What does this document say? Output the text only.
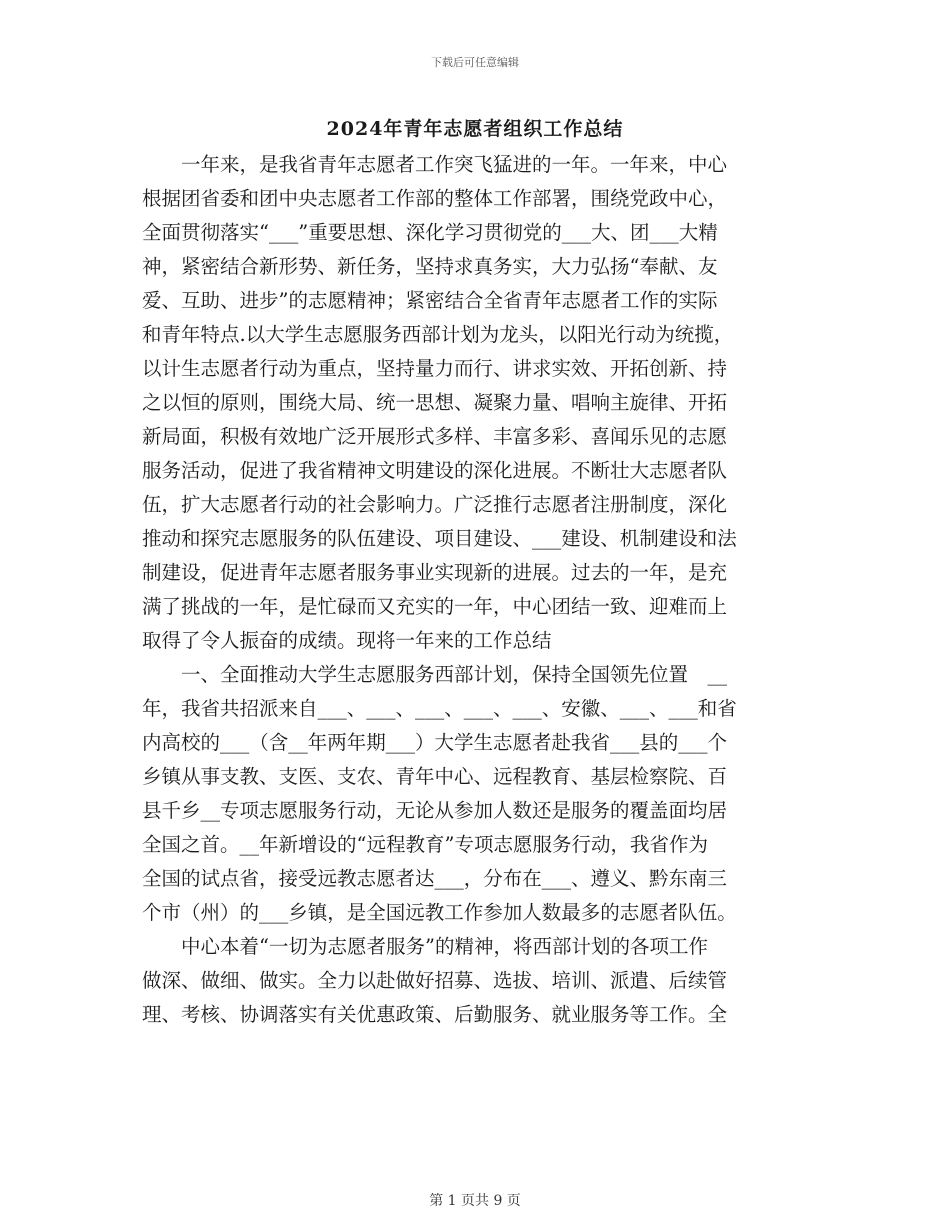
下载后可任意编辑
2024年青年志愿者组织工作总结
　　一年来，是我省青年志愿者工作突飞猛进的一年。一年来，中心
根据团省委和团中央志愿者工作部的整体工作部署，围绕党政中心，
全面贯彻落实“___”重要思想、深化学习贯彻党的___大、团___大精
神，紧密结合新形势、新任务，坚持求真务实，大力弘扬“奉献、友
爱、互助、进步”的志愿精神；紧密结合全省青年志愿者工作的实际
和青年特点.以大学生志愿服务西部计划为龙头，以阳光行动为统揽，
以计生志愿者行动为重点，坚持量力而行、讲求实效、开拓创新、持
之以恒的原则，围绕大局、统一思想、凝聚力量、唱响主旋律、开拓
新局面，积极有效地广泛开展形式多样、丰富多彩、喜闻乐见的志愿
服务活动，促进了我省精神文明建设的深化进展。不断壮大志愿者队
伍，扩大志愿者行动的社会影响力。广泛推行志愿者注册制度，深化
推动和探究志愿服务的队伍建设、项目建设、___建设、机制建设和法
制建设，促进青年志愿者服务事业实现新的进展。过去的一年，是充
满了挑战的一年，是忙碌而又充实的一年，中心团结一致、迎难而上
取得了令人振奋的成绩。现将一年来的工作总结
　　一、全面推动大学生志愿服务西部计划，保持全国领先位置　__
年，我省共招派来自___、___、___、___、___、安徽、___、___和省
内高校的___（含__年两年期___）大学生志愿者赴我省___县的___个
乡镇从事支教、支医、支农、青年中心、远程教育、基层检察院、百
县千乡__专项志愿服务行动，无论从参加人数还是服务的覆盖面均居
全国之首。__年新增设的“远程教育”专项志愿服务行动，我省作为
全国的试点省，接受远教志愿者达___，分布在___、遵义、黔东南三
个市（州）的___乡镇，是全国远教工作参加人数最多的志愿者队伍。
　　中心本着“一切为志愿者服务”的精神，将西部计划的各项工作
做深、做细、做实。全力以赴做好招募、选拔、培训、派遣、后续管
理、考核、协调落实有关优惠政策、后勤服务、就业服务等工作。全
第 1 页共 9 页
